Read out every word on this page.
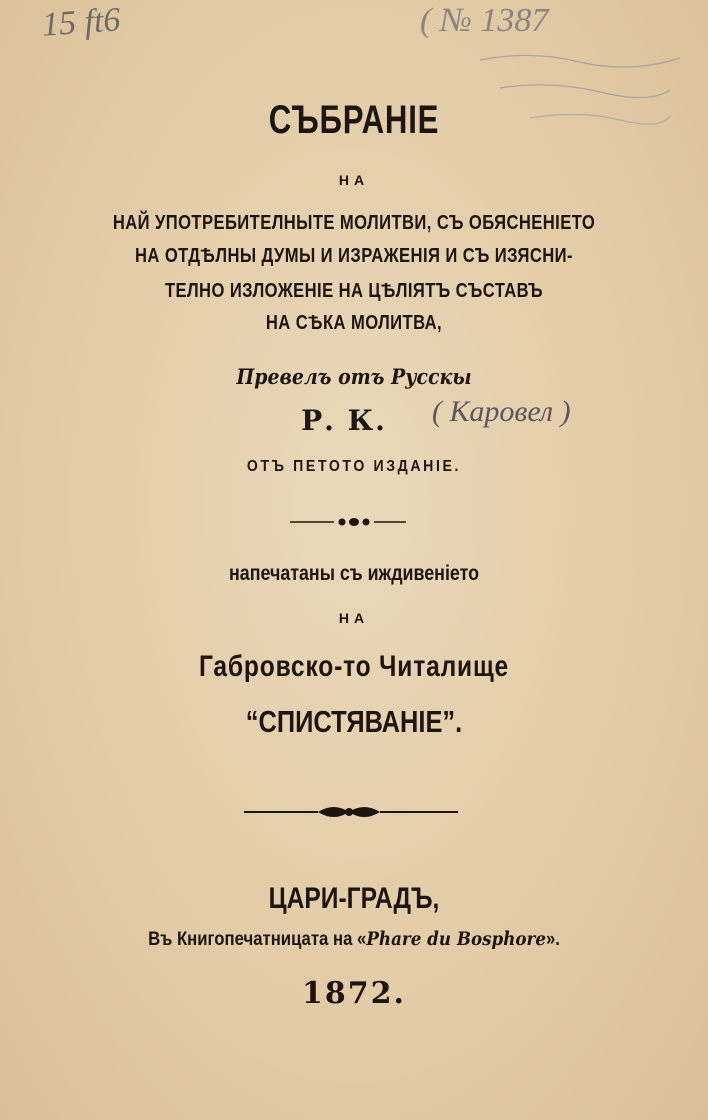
15 ft6	( № 1387
( Каровел )
СЪБРАНІЕ
НА
НАЙ УПОТРЕБИТЕЛНЫТЕ МОЛИТВИ, СЪ ОБЯСНЕНІЕТО
НА ОТДѢЛНЫ ДУМЫ И ИЗРАЖЕНІЯ И СЪ ИЗЯСНИ-
ТЕЛНО ИЗЛОЖЕНІЕ НА ЦѢЛІЯТЪ СЪСТАВЪ
НА СѢКА МОЛИТВА,
Превелъ отъ Русскы
Р. К.
ОТЪ ПЕТОТО ИЗДАНІЕ.
напечатаны съ иждивеніето
НА
Габровско-то Читалище
“СПИСТЯВАНІЕ”.
ЦАРИ-ГРАДЪ,
Въ Книгопечатницата на «Phare du Bosphore».
1872.
